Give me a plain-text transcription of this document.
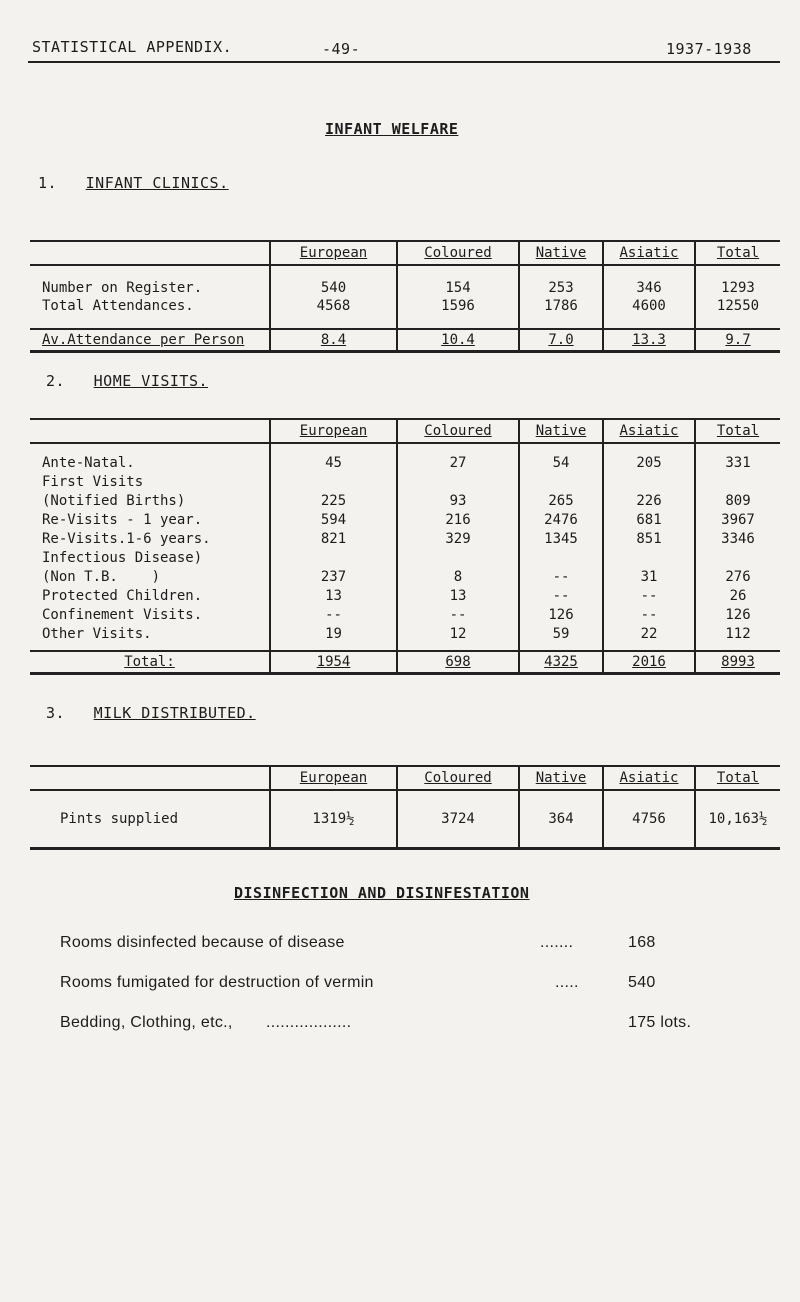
STATISTICAL APPENDIX.	-49-	1937-1938
INFANT WELFARE
1. INFANT CLINICS.
	European	Coloured	Native	Asiatic	Total

Number on Register.	540	154	253	346	1293
Total Attendances.	4568	1596	1786	4600	12550

Av.Attendance per Person	8.4	10.4	7.0	13.3	9.7
2. HOME VISITS.
	European	Coloured	Native	Asiatic	Total

Ante-Natal.	45	27	54	205	331
First Visits					
(Notified Births)	225	93	265	226	809
Re-Visits - 1 year.	594	216	2476	681	3967
Re-Visits.1-6 years.	821	329	1345	851	3346
Infectious Disease)					
(Non T.B.    )	237	8	--	31	276
Protected Children.	13	13	--	--	26
Confinement Visits.	--	--	126	--	126
Other Visits.	19	12	59	22	112

Total:	1954	698	4325	2016	8993
3. MILK DISTRIBUTED.
	European	Coloured	Native	Asiatic	Total
Pints supplied	1319½	3724	364	4756	10,163½
DISINFECTION AND DISINFESTATION
Rooms disinfected because of disease	.......	168
Rooms fumigated for destruction of vermin	.....	540
Bedding, Clothing, etc., ..................	175 lots.
